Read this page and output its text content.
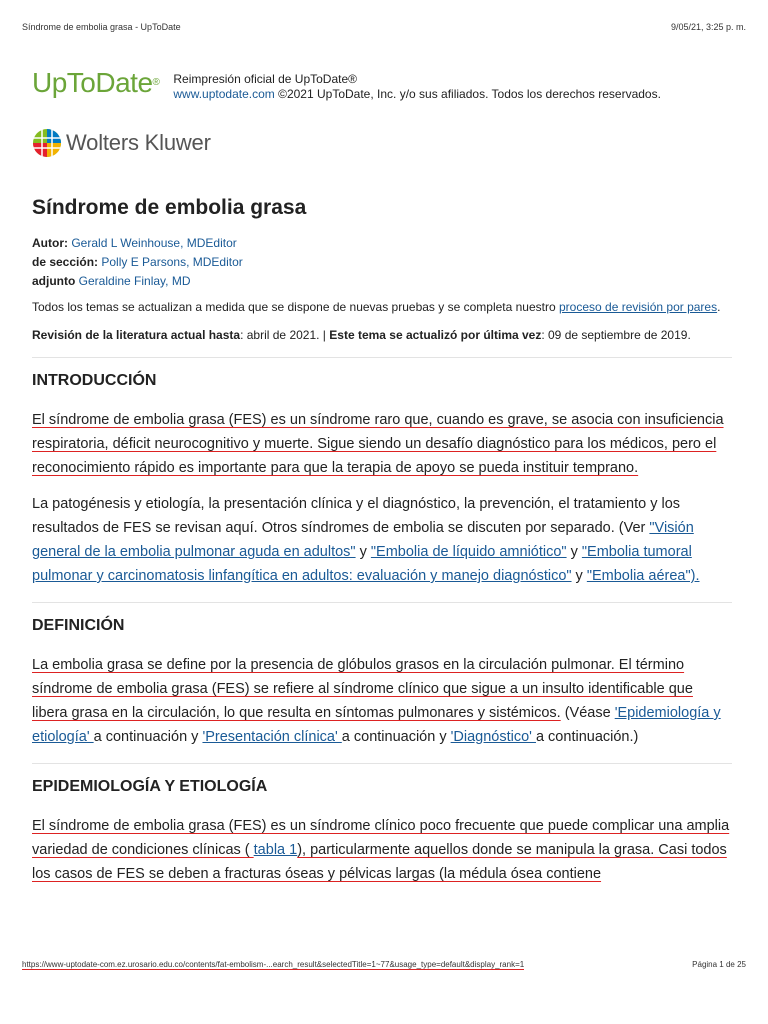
Síndrome de embolia grasa - UpToDate	9/05/21, 3:25 p. m.
UpToDate® Reimpresión oficial de UpToDate®
www.uptodate.com ©2021 UpToDate, Inc. y/o sus afiliados. Todos los derechos reservados.
Wolters Kluwer
Síndrome de embolia grasa
Autor: Gerald L Weinhouse, MDEditor
de sección: Polly E Parsons, MDEditor
adjunto Geraldine Finlay, MD
Todos los temas se actualizan a medida que se dispone de nuevas pruebas y se completa nuestro proceso de revisión por pares.
Revisión de la literatura actual hasta: abril de 2021. | Este tema se actualizó por última vez: 09 de septiembre de 2019.
INTRODUCCIÓN

El síndrome de embolia grasa (FES) es un síndrome raro que, cuando es grave, se asocia con insuficiencia respiratoria, déficit neurocognitivo y muerte. Sigue siendo un desafío diagnóstico para los médicos, pero el reconocimiento rápido es importante para que la terapia de apoyo se pueda instituir temprano.

La patogénesis y etiología, la presentación clínica y el diagnóstico, la prevención, el tratamiento y los resultados de FES se revisan aquí. Otros síndromes de embolia se discuten por separado. (Ver "Visión general de la embolia pulmonar aguda en adultos" y "Embolia de líquido amniótico" y "Embolia tumoral pulmonar y carcinomatosis linfangítica en adultos: evaluación y manejo diagnóstico" y "Embolia aérea").

DEFINICIÓN

La embolia grasa se define por la presencia de glóbulos grasos en la circulación pulmonar. El término síndrome de embolia grasa (FES) se refiere al síndrome clínico que sigue a un insulto identificable que libera grasa en la circulación, lo que resulta en síntomas pulmonares y sistémicos. (Véase 'Epidemiología y etiología' a continuación y 'Presentación clínica' a continuación y 'Diagnóstico' a continuación.)

EPIDEMIOLOGÍA Y ETIOLOGÍA

El síndrome de embolia grasa (FES) es un síndrome clínico poco frecuente que puede complicar una amplia variedad de condiciones clínicas ( tabla 1), particularmente aquellos donde se manipula la grasa. Casi todos los casos de FES se deben a fracturas óseas y pélvicas largas (la médula ósea contiene

https://www-uptodate-com.ez.urosario.edu.co/contents/fat-embolism-...earch_result&selectedTitle=1~77&usage_type=default&display_rank=1	Página 1 de 25
